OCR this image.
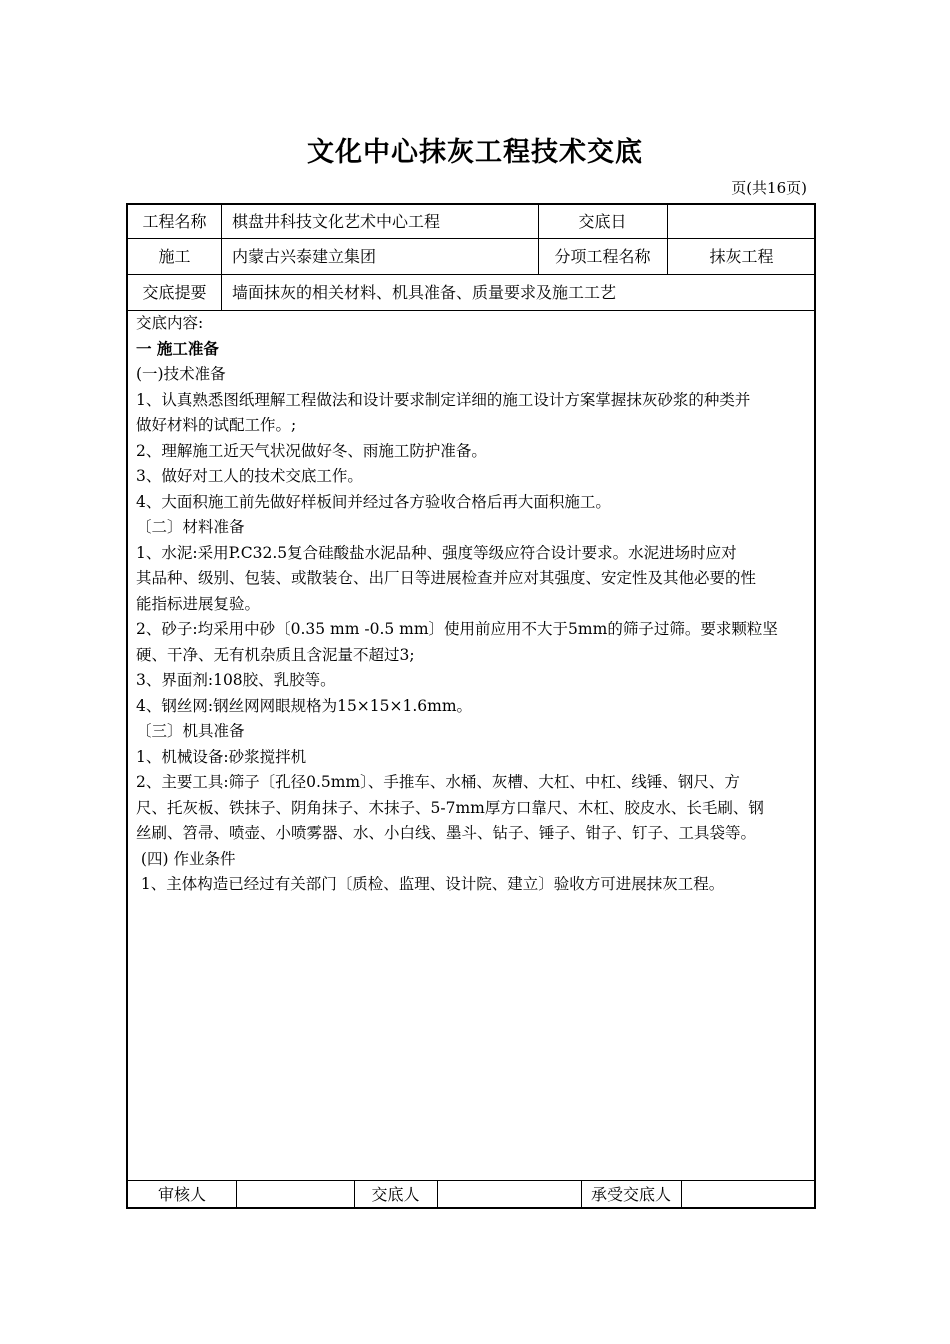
文化中心抹灰工程技术交底
页(共16页)
工程名称	棋盘井科技文化艺术中心工程	交底日
施工	内蒙古兴泰建立集团	分项工程名称	抹灰工程
交底提要	墙面抹灰的相关材料、机具准备、质量要求及施工工艺

交底内容:

一 施工准备

(一)技术准备

1、认真熟悉图纸理解工程做法和设计要求制定详细的施工设计方案掌握抹灰砂浆的种类并

做好材料的试配工作。;

2、理解施工近天气状况做好冬、雨施工防护准备。

3、做好对工人的技术交底工作。

4、大面积施工前先做好样板间并经过各方验收合格后再大面积施工。

〔二〕材料准备

1、水泥:采用P.C32.5复合硅酸盐水泥品种、强度等级应符合设计要求。水泥进场时应对

其品种、级别、包装、或散装仓、出厂日等进展检查并应对其强度、安定性及其他必要的性

能指标进展复验。

2、砂子:均采用中砂〔0.35 mm -0.5 mm〕使用前应用不大于5mm的筛子过筛。要求颗粒坚

硬、干净、无有机杂质且含泥量不超过3;

3、界面剂:108胶、乳胶等。

4、钢丝网:钢丝网网眼规格为15×15×1.6mm。

〔三〕机具准备

1、机械设备:砂浆搅拌机

2、主要工具:筛子〔孔径0.5mm〕、手推车、水桶、灰槽、大杠、中杠、线锤、钢尺、方

尺、托灰板、铁抹子、阴角抹子、木抹子、5-7mm厚方口靠尺、木杠、胶皮水、长毛刷、钢

丝刷、笤帚、喷壶、小喷雾器、水、小白线、墨斗、钻子、锤子、钳子、钉子、工具袋等。

(四) 作业条件

1、主体构造已经过有关部门〔质检、监理、设计院、建立〕验收方可进展抹灰工程。

审核人	交底人	承受交底人
